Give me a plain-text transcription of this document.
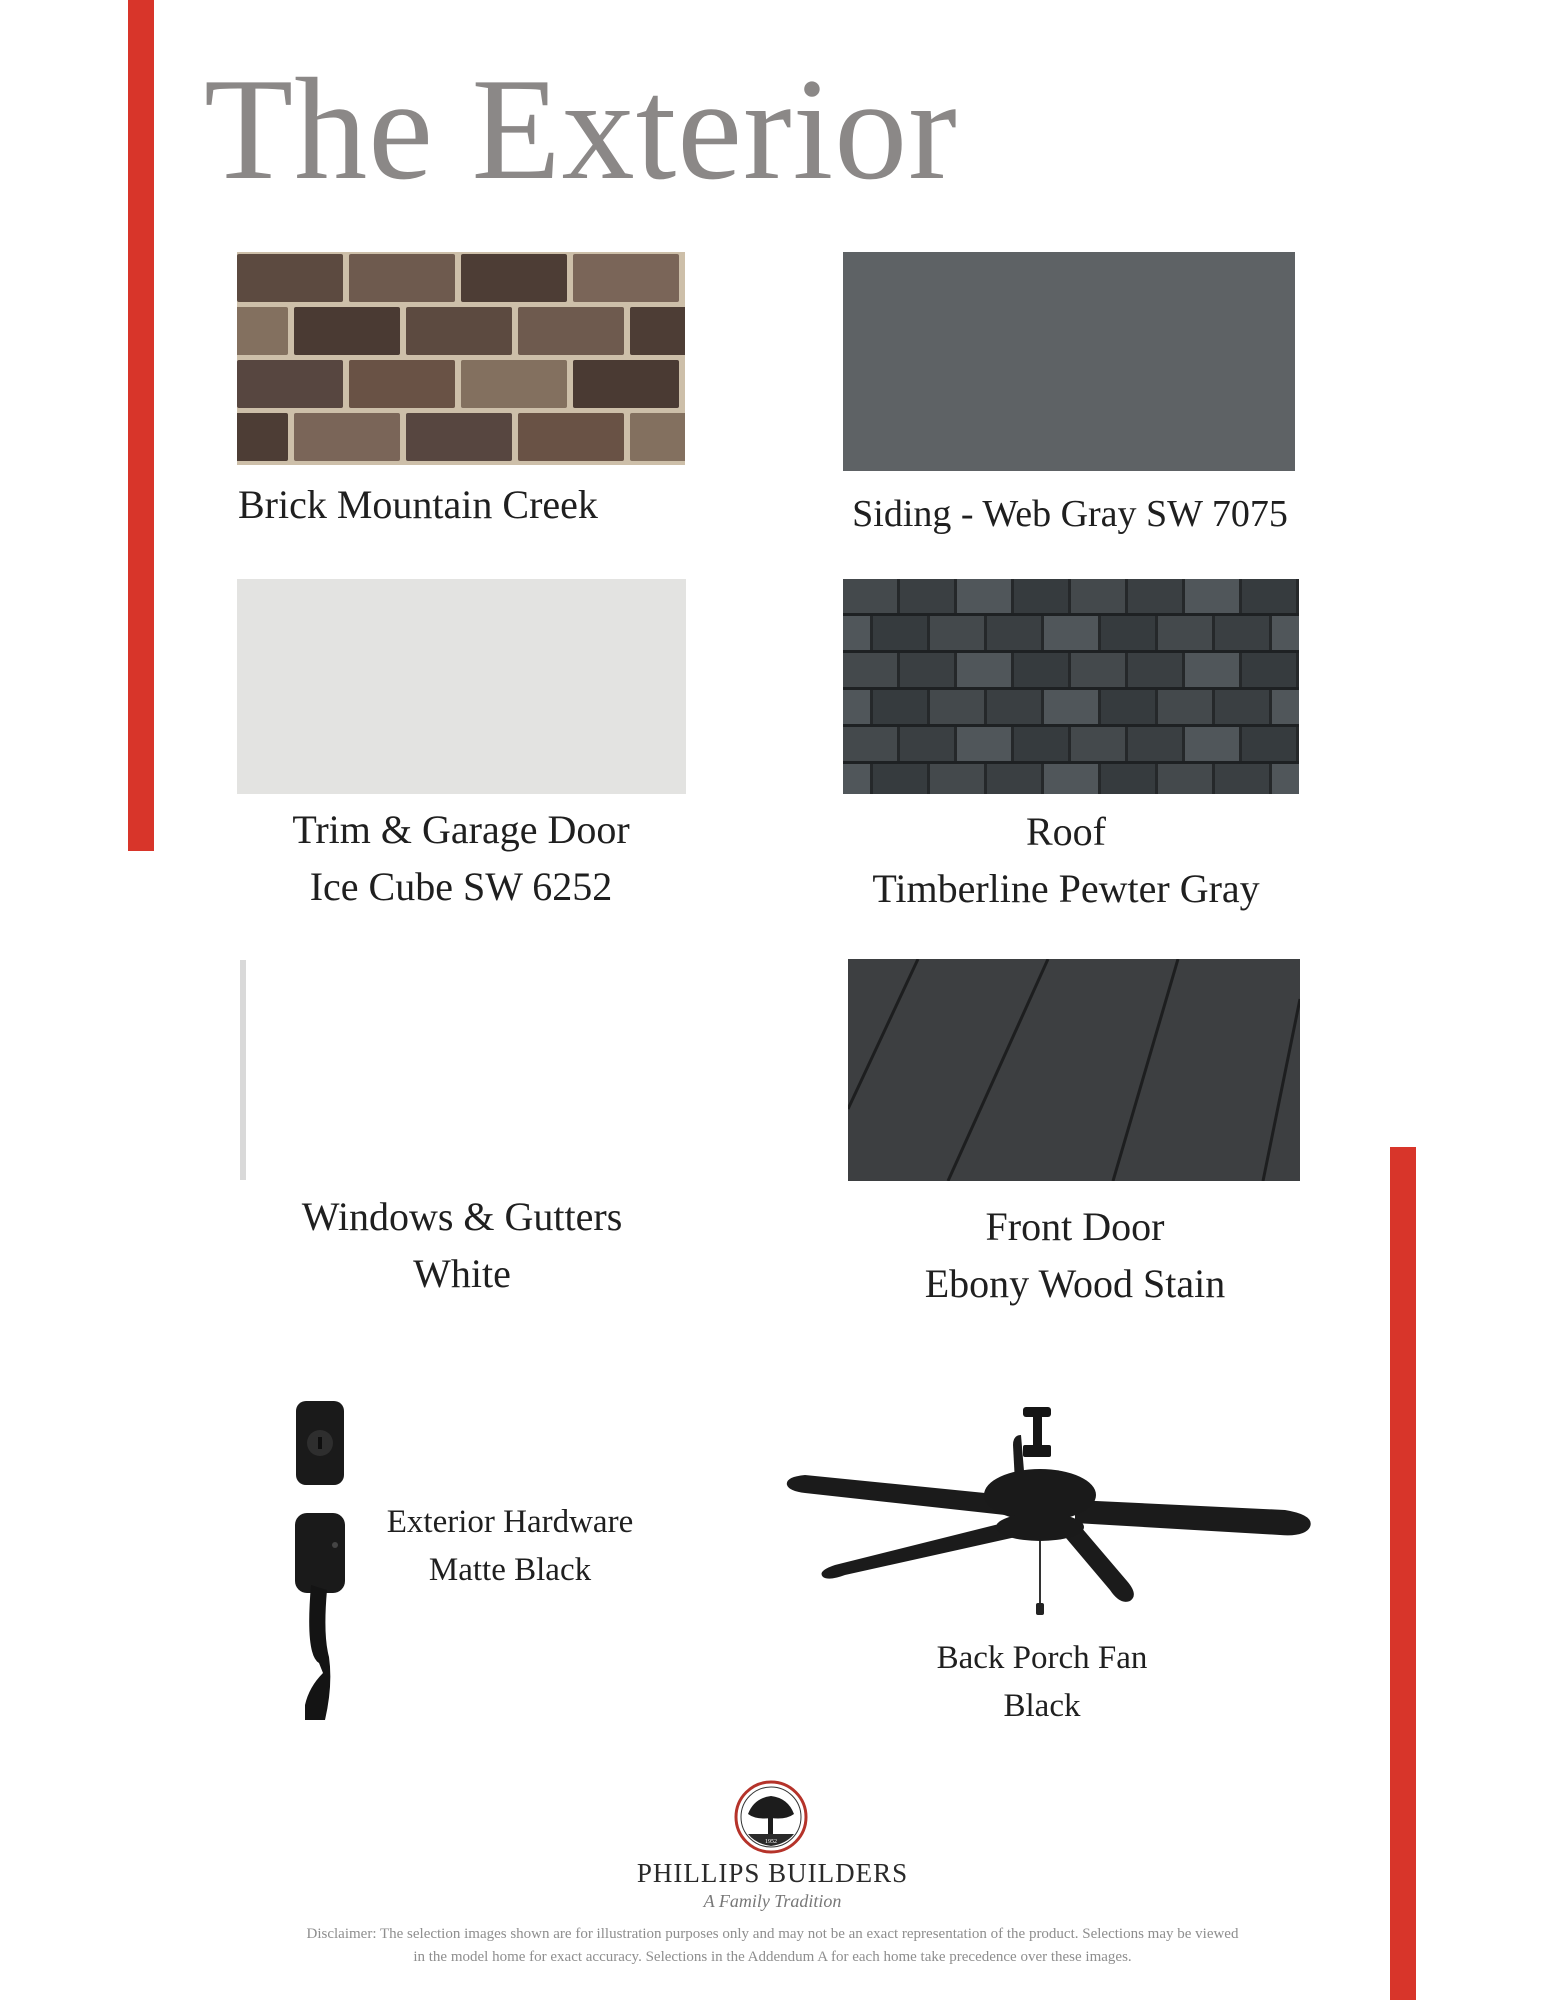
The Exterior
Brick Mountain Creek	Siding - Web Gray SW 7075
Trim & Garage Door
Ice Cube SW 6252
Roof
Timberline Pewter Gray
Windows & Gutters
White
Front Door
Ebony Wood Stain
Exterior Hardware
Matte Black
Back Porch Fan
Black
1952
PHILLIPS BUILDERS
A Family Tradition
Disclaimer: The selection images shown are for illustration purposes only and may not be an exact representation of the product. Selections may be viewed
in the model home for exact accuracy. Selections in the Addendum A for each home take precedence over these images.
